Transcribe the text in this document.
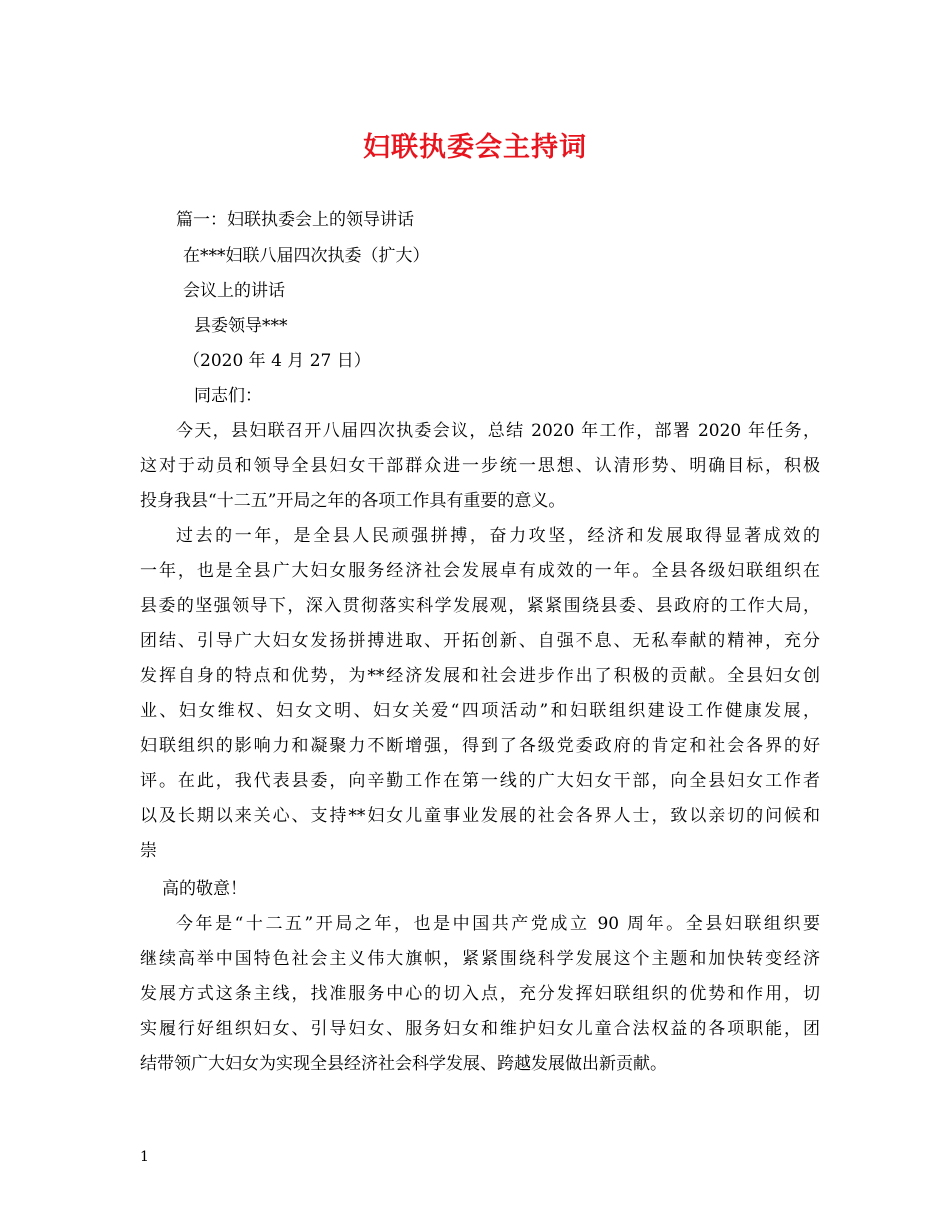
妇联执委会主持词
篇一：妇联执委会上的领导讲话
在***妇联八届四次执委（扩大）
会议上的讲话
县委领导***
（2020 年 4 月 27 日）
同志们：
今天，县妇联召开八届四次执委会议，总结 2020 年工作，部署 2020 年任务，
这对于动员和领导全县妇女干部群众进一步统一思想、认清形势、明确目标，积极
投身我县“十二五”开局之年的各项工作具有重要的意义。
过去的一年，是全县人民顽强拼搏，奋力攻坚，经济和发展取得显著成效的
一年，也是全县广大妇女服务经济社会发展卓有成效的一年。全县各级妇联组织在
县委的坚强领导下，深入贯彻落实科学发展观，紧紧围绕县委、县政府的工作大局，
团结、引导广大妇女发扬拼搏进取、开拓创新、自强不息、无私奉献的精神，充分
发挥自身的特点和优势，为**经济发展和社会进步作出了积极的贡献。全县妇女创
业、妇女维权、妇女文明、妇女关爱“四项活动”和妇联组织建设工作健康发展，
妇联组织的影响力和凝聚力不断增强，得到了各级党委政府的肯定和社会各界的好
评。在此，我代表县委，向辛勤工作在第一线的广大妇女干部，向全县妇女工作者
以及长期以来关心、支持**妇女儿童事业发展的社会各界人士，致以亲切的问候和
崇
高的敬意！
今年是“十二五”开局之年，也是中国共产党成立 90 周年。全县妇联组织要
继续高举中国特色社会主义伟大旗帜，紧紧围绕科学发展这个主题和加快转变经济
发展方式这条主线，找准服务中心的切入点，充分发挥妇联组织的优势和作用，切
实履行好组织妇女、引导妇女、服务妇女和维护妇女儿童合法权益的各项职能，团
结带领广大妇女为实现全县经济社会科学发展、跨越发展做出新贡献。
1
